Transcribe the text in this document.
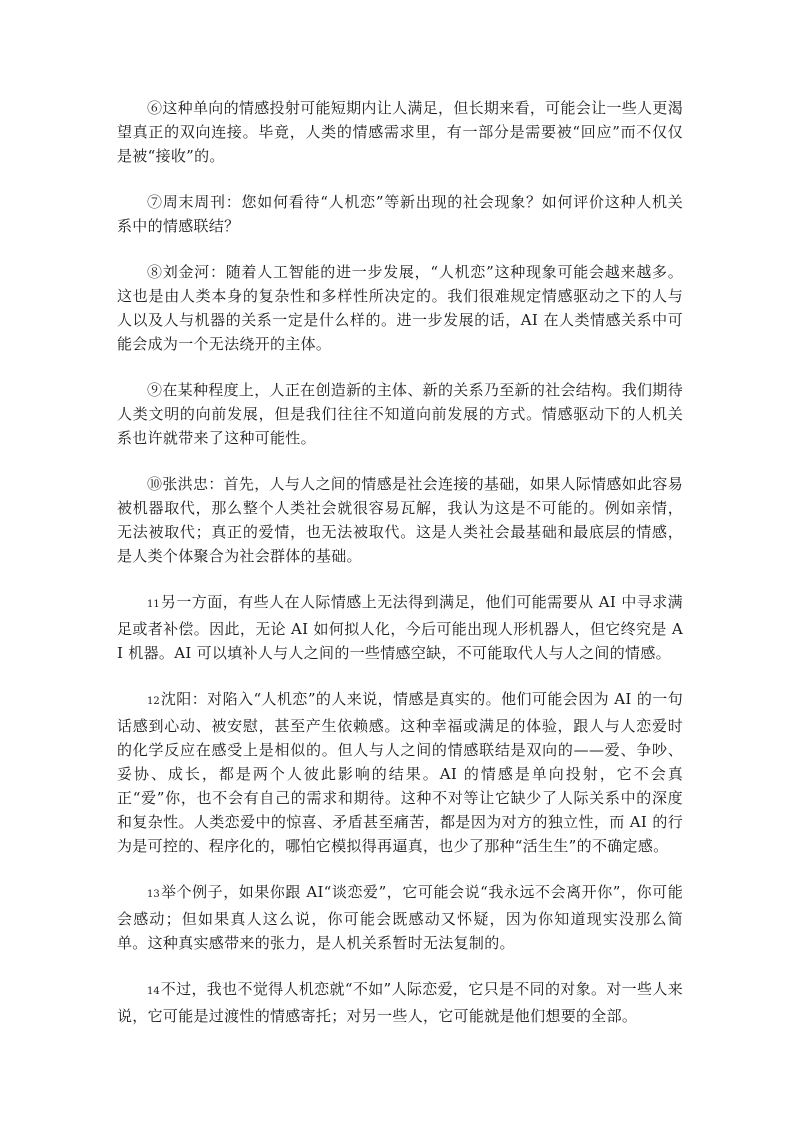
⑥这种单向的情感投射可能短期内让人满足，但长期来看，可能会让一些人更渴望真正的双向连接。毕竟，人类的情感需求里，有一部分是需要被“回应”而不仅仅是被“接收”的。

⑦周末周刊：您如何看待“人机恋”等新出现的社会现象？如何评价这种人机关系中的情感联结？

⑧刘金河：随着人工智能的进一步发展，“人机恋”这种现象可能会越来越多。这也是由人类本身的复杂性和多样性所决定的。我们很难规定情感驱动之下的人与人以及人与机器的关系一定是什么样的。进一步发展的话，AI 在人类情感关系中可能会成为一个无法绕开的主体。

⑨在某种程度上，人正在创造新的主体、新的关系乃至新的社会结构。我们期待人类文明的向前发展，但是我们往往不知道向前发展的方式。情感驱动下的人机关系也许就带来了这种可能性。

⑩张洪忠：首先，人与人之间的情感是社会连接的基础，如果人际情感如此容易被机器取代，那么整个人类社会就很容易瓦解，我认为这是不可能的。例如亲情，无法被取代；真正的爱情，也无法被取代。这是人类社会最基础和最底层的情感，是人类个体聚合为社会群体的基础。

11另一方面，有些人在人际情感上无法得到满足，他们可能需要从 AI 中寻求满足或者补偿。因此，无论 AI 如何拟人化，今后可能出现人形机器人，但它终究是 AI 机器。AI 可以填补人与人之间的一些情感空缺，不可能取代人与人之间的情感。

12沈阳：对陷入“人机恋”的人来说，情感是真实的。他们可能会因为 AI 的一句话感到心动、被安慰，甚至产生依赖感。这种幸福或满足的体验，跟人与人恋爱时的化学反应在感受上是相似的。但人与人之间的情感联结是双向的——爱、争吵、妥协、成长，都是两个人彼此影响的结果。AI 的情感是单向投射，它不会真正“爱”你，也不会有自己的需求和期待。这种不对等让它缺少了人际关系中的深度和复杂性。人类恋爱中的惊喜、矛盾甚至痛苦，都是因为对方的独立性，而 AI 的行为是可控的、程序化的，哪怕它模拟得再逼真，也少了那种“活生生”的不确定感。

13举个例子，如果你跟 AI“谈恋爱”，它可能会说“我永远不会离开你”，你可能会感动；但如果真人这么说，你可能会既感动又怀疑，因为你知道现实没那么简单。这种真实感带来的张力，是人机关系暂时无法复制的。

14不过，我也不觉得人机恋就“不如”人际恋爱，它只是不同的对象。对一些人来说，它可能是过渡性的情感寄托；对另一些人，它可能就是他们想要的全部。
